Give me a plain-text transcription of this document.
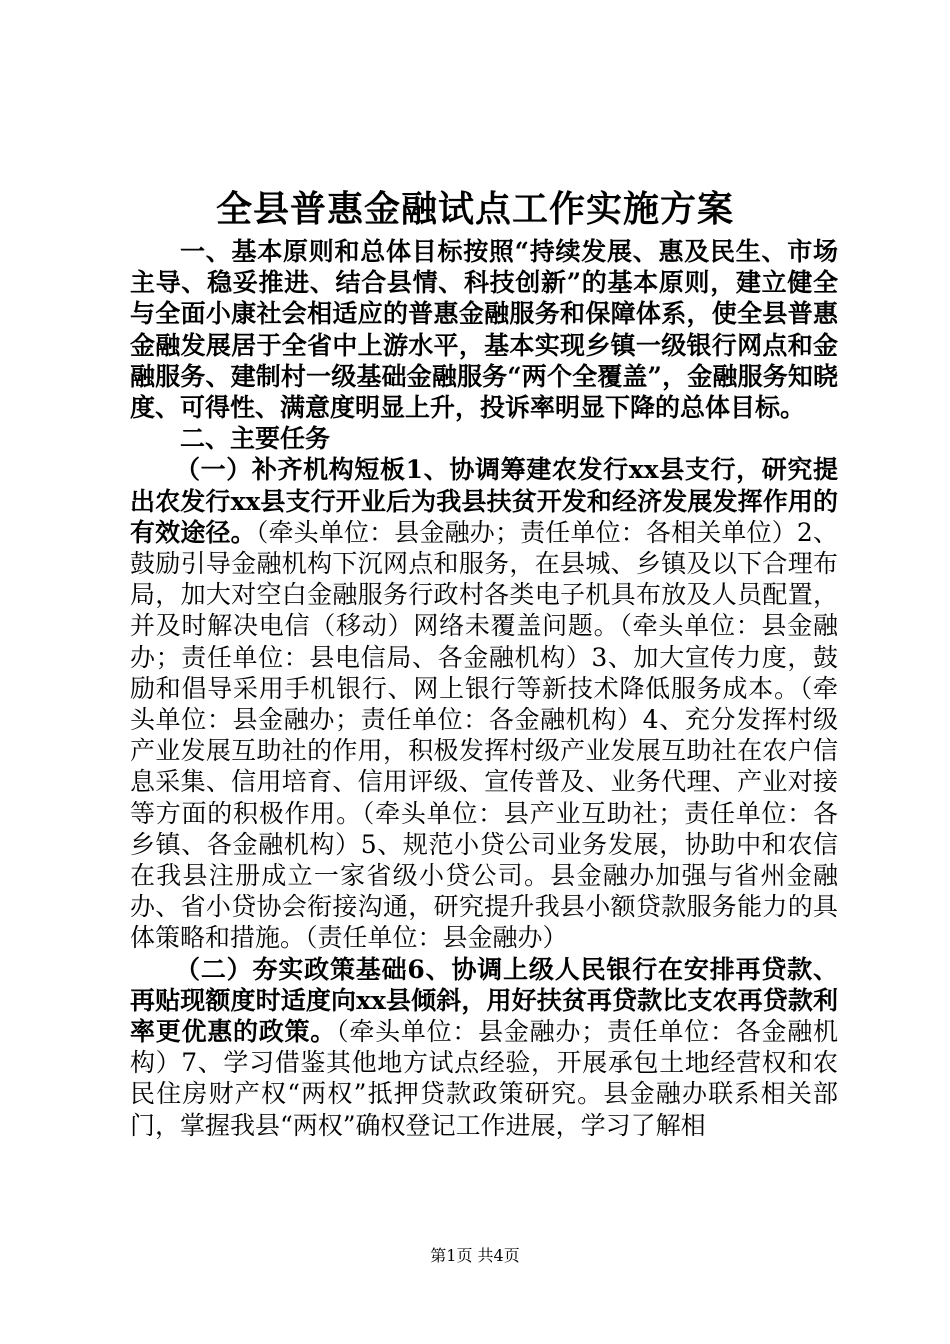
全县普惠金融试点工作实施方案

一、基本原则和总体目标按照“持续发展、惠及民生、市场主导、稳妥推进、结合县情、科技创新”的基本原则，建立健全与全面小康社会相适应的普惠金融服务和保障体系，使全县普惠金融发展居于全省中上游水平，基本实现乡镇一级银行网点和金融服务、建制村一级基础金融服务“两个全覆盖”，金融服务知晓度、可得性、满意度明显上升，投诉率明显下降的总体目标。

二、主要任务

（一）补齐机构短板1、协调筹建农发行xx县支行，研究提出农发行xx县支行开业后为我县扶贫开发和经济发展发挥作用的有效途径。（牵头单位：县金融办；责任单位：各相关单位）2、鼓励引导金融机构下沉网点和服务，在县城、乡镇及以下合理布局，加大对空白金融服务行政村各类电子机具布放及人员配置，并及时解决电信（移动）网络未覆盖问题。（牵头单位：县金融办；责任单位：县电信局、各金融机构）3、加大宣传力度，鼓励和倡导采用手机银行、网上银行等新技术降低服务成本。（牵头单位：县金融办；责任单位：各金融机构）4、充分发挥村级产业发展互助社的作用，积极发挥村级产业发展互助社在农户信息采集、信用培育、信用评级、宣传普及、业务代理、产业对接等方面的积极作用。（牵头单位：县产业互助社；责任单位：各乡镇、各金融机构）5、规范小贷公司业务发展，协助中和农信在我县注册成立一家省级小贷公司。县金融办加强与省州金融办、省小贷协会衔接沟通，研究提升我县小额贷款服务能力的具体策略和措施。（责任单位：县金融办）

（二）夯实政策基础6、协调上级人民银行在安排再贷款、再贴现额度时适度向xx县倾斜，用好扶贫再贷款比支农再贷款利率更优惠的政策。（牵头单位：县金融办；责任单位：各金融机构）7、学习借鉴其他地方试点经验，开展承包土地经营权和农民住房财产权“两权”抵押贷款政策研究。县金融办联系相关部门，掌握我县“两权”确权登记工作进展，学习了解相

第1页 共4页
